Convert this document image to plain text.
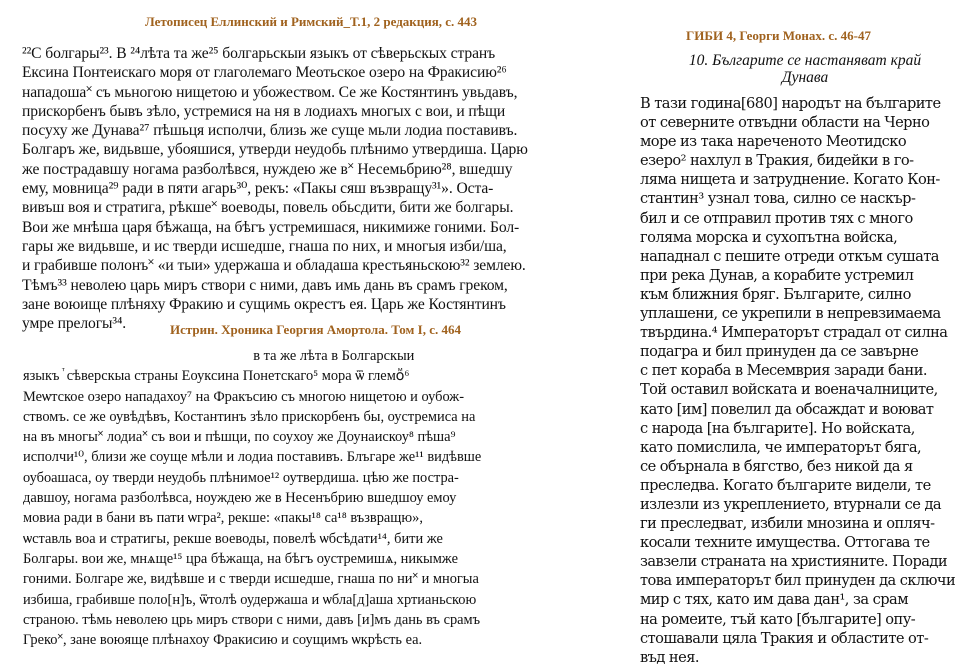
Летописец Еллинский и Римский_Т.1, 2 редакция, с. 443
²²С болгары²³. В ²⁴лѣта та же²⁵ болгарьскыи языкъ от сѣверьскых странъ
Ексина Понтеискаго моря от глаголемаго Меотьское озеро на Фракисию²⁶
нападоша˟ съ мьногою нищетою и убожеством. Се же Костянтинъ увьдавъ,
прискорбенъ бывъ зѣло, устремися на ня в лодиахъ многых с вои, и пѣщи
посуху же Дунава²⁷ пѣшьця исполчи, близь же суще мьли лодиа поставивъ.
Болгаръ же, видьвше, убояшися, утверди неудобь плѣнимо утвердиша. Царю
же пострадавшу ногама разболѣвся, нуждею же в˟ Несемьбрию²⁸, вшедшу
ему, мовница²⁹ ради в пяти агарь³⁰, рекъ: «Пакы сяш възвращу³¹». Оста-
вивъш воя и стратига, рѣкше˟ воеводы, повель обьсдити, бити же болгары.
Вои же мнѣша царя бѣжаща, на бѣгъ устремишася, никимиже гоними. Бол-
гары же видьвше, и ис тверди исшедше, гнаша по них, и многыя изби/ша,
и грабивше полонъ˟ «и тыи» удержаша и обладаша крестьяньскою³² землею.
Тѣмъ³³ неволею царь миръ створи с ними, давъ имь дань въ срамъ греком,
зане воюище плѣняху Фракию и сущимь окрестъ ея. Царь же Костянтинъ
умре прелогы³⁴.	Истрин. Хроника Георгия Амортола. Том I, с. 464
в та же лѣта в Болгарскыи
языкъ ⷮ сѣверскыа страны Еоуксина Понетскаго⁵ мора ѿ глемоⷨ⁶
Меѡтское озеро нападахоу⁷ на Фракъсию съ многою нищетою и оубож-
ствомъ. се же оувѣдѣвъ, Костантинъ зѣло прискорбенъ бы, оустремиса на
на въ многы˟ лодиа˟ съ вои и пѣшци, по соухоу же Доунаискоу⁸ пѣша⁹
исполчи¹⁰, близи же соуще мѣли и лодиа поставивъ. Блъгаре же¹¹ видѣвше
оубоашаса, оу тверди неудобь плѣнимое¹² оутвердиша. цѣю же постра-
давшоу, ногама разболѣвса, ноуждею же в Несенъбрию вшедшоу емоу
мовиа ради в бани въ пати ѡгра², рекше: «пакы¹⁸ са¹⁸ възвращю»,
ѡставль воа и стратигы, рекше воеводы, повелѣ ѡбсѣдати¹⁴, бити же
Болгары. вои же, мнѧще¹⁵ цра бѣжаща, на бѣгъ оустремишѧ, никымже
гоними. Болгаре же, видѣвше и с тверди исшедше, гнаша по ни˟ и многыа
избиша, грабивше поло[н]ъ, ѿтолѣ оудержаша и ѡбла[д]аша хртианьскою
страною. тѣмь неволею црь миръ створи с ними, давъ [и]мъ дань въ срамъ
Греко˟, зане воюяще плѣнахоу Фракисию и соущимъ ѡкрѣсть еа.
ГИБИ 4, Георги Монах. с. 46-47
10. Българите се настаняват край
Дунава
В тази година[680] народът на българите
от северните отвъдни области на Черно
море из така нареченото Меотидско
езеро² нахлул в Тракия, бидейки в го-
ляма нищета и затруднение. Когато Кон-
стантин³ узнал това, силно се наскър-
бил и се отправил против тях с много
голяма морска и сухопътна войска,
нападнал с пешите отреди откъм сушата
при река Дунав, а корабите устремил
към ближния бряг. Българите, силно
уплашени, се укрепили в непревзимаема
твърдина.⁴ Императорът страдал от силна
подагра и бил принуден да се завърне
с пет кораба в Месемврия заради бани.
Той оставил войската и военачалниците,
като [им] повелил да обсаждат и воюват
с народа [на българите]. Но войската,
като помислила, че императорът бяга,
се обърнала в бягство, без никой да я
преследва. Когато българите видели, те
излезли из укреплението, втурнали се да
ги преследват, избили мнозина и опляч-
косали техните имущества. Оттогава те
завзели страната на християните. Поради
това императорът бил принуден да сключи
мир с тях, като им дава дан¹, за срам
на ромеите, тъй като [българите] опу-
стошавали цяла Тракия и областите от-
въд нея.
